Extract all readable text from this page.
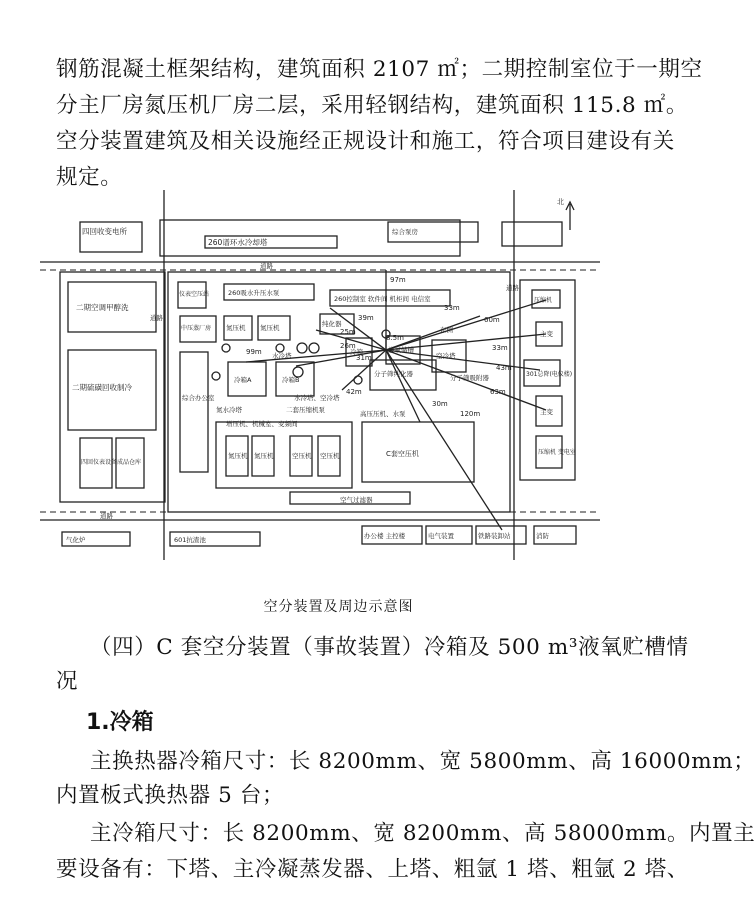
钢筋混凝土框架结构，建筑面积 2107 ㎡；二期控制室位于一期空
分主厂房氮压机厂房二层，采用轻钢结构，建筑面积 115.8 ㎡。
空分装置建筑及相关设施经正规设计和施工，符合项目建设有关
规定。
四回收变电所
260谱环水冷却塔
二期空调甲醇洗
二期硫磺回收制冷
四回仪表设备 成品仓库
仪表空压站	260吸水升压水泵
260控制室 软件间 机柜间 电信室
中压蒸厂房 氮压机 氮压机	纯化器
冷箱	液氧储槽
分子筛纯化器
空冷塔
水冷塔
冷箱A	冷箱B
综合办公室
氮压机 氮压机	空压机 空压机	C套空压机
空气过滤器
办公楼 主控楼	电气装置	铁路装卸站
气化炉	601抗渣池
压缩机
主变
主变
301总降(电仪楼)
压缩机 变电室
综合泵房
消防
道路
道路
道路
道路
氮水冷塔	二套压缩机泵
增压机、机械室、变频间
分子筛吸附器
水冷塔、空冷塔
高压压机、水泵
东侧
北
97m
39m
33m
25m
60m
8.5m
33m
26m
99m
31m
43m
42m	63m
30m
120m
空分装置及周边示意图
（四）C 套空分装置（事故装置）冷箱及 500 m³液氧贮槽情
况
1.冷箱
主换热器冷箱尺寸：长 8200mm、宽 5800mm、高 16000mm；
内置板式换热器 5 台；
主冷箱尺寸：长 8200mm、宽 8200mm、高 58000mm。内置主
要设备有：下塔、主冷凝蒸发器、上塔、粗氩 1 塔、粗氩 2 塔、
